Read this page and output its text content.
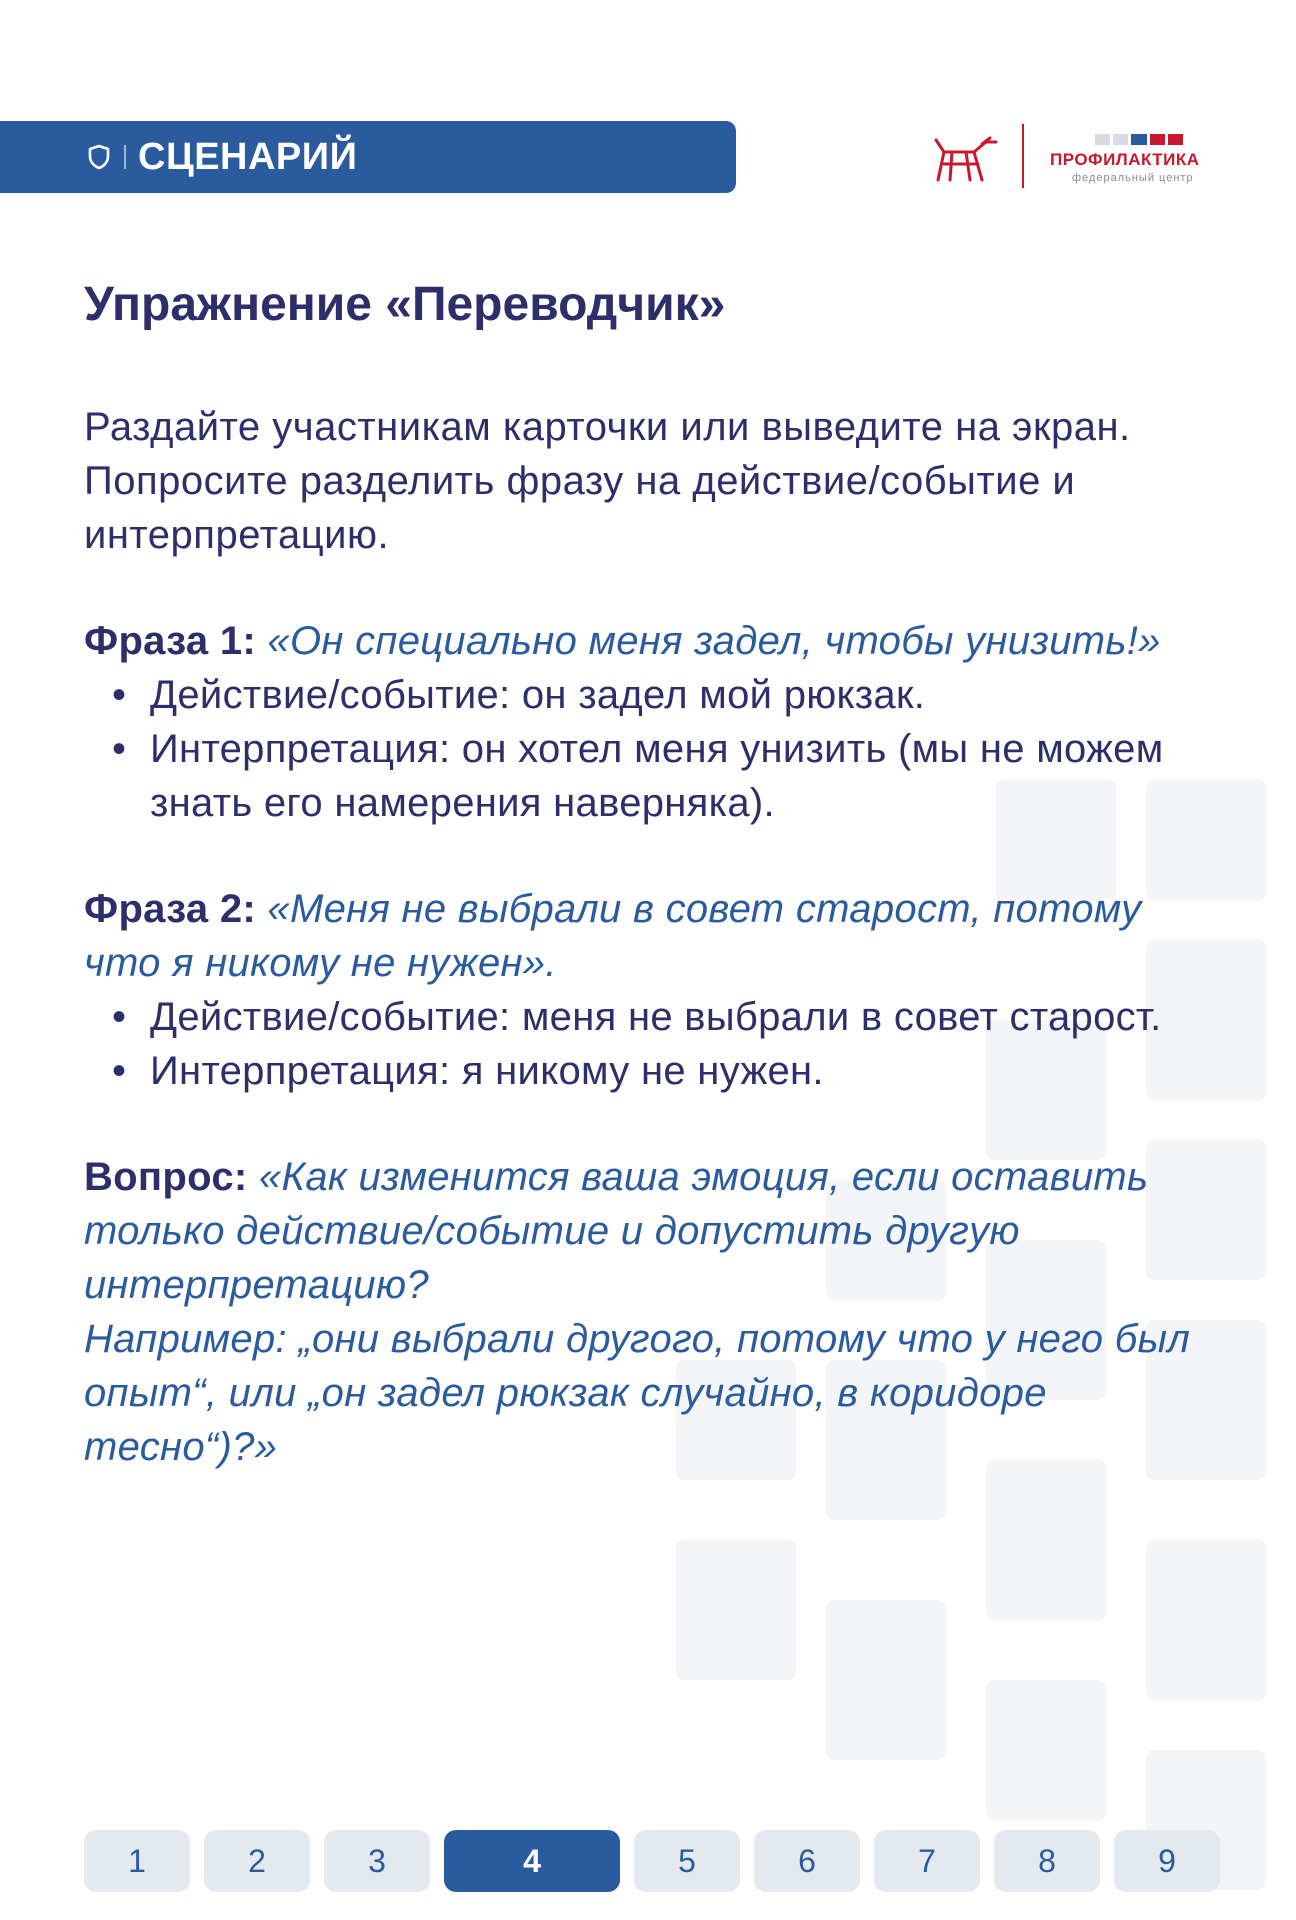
СЦЕНАРИЙ	ПРОФИЛАКТИКА
федеральный центр
Упражнение «Переводчик»

Раздайте участникам карточки или выведите на экран. Попросите разделить фразу на действие/событие и интерпретацию.

Фраза 1: «Он специально меня задел, чтобы унизить!»

• Действие/событие: он задел мой рюкзак.
• Интерпретация: он хотел меня унизить (мы не можем знать его намерения наверняка).

Фраза 2: «Меня не выбрали в совет старост, потому что я никому не нужен».

• Действие/событие: меня не выбрали в совет старост.
• Интерпретация: я никому не нужен.

Вопрос: «Как изменится ваша эмоция, если оставить только действие/событие и допустить другую интерпретацию?

Например: „они выбрали другого, потому что у него был опыт“, или „он задел рюкзак случайно, в коридоре тесно“)?»

1	2	3	4	5	6	7	8	9
